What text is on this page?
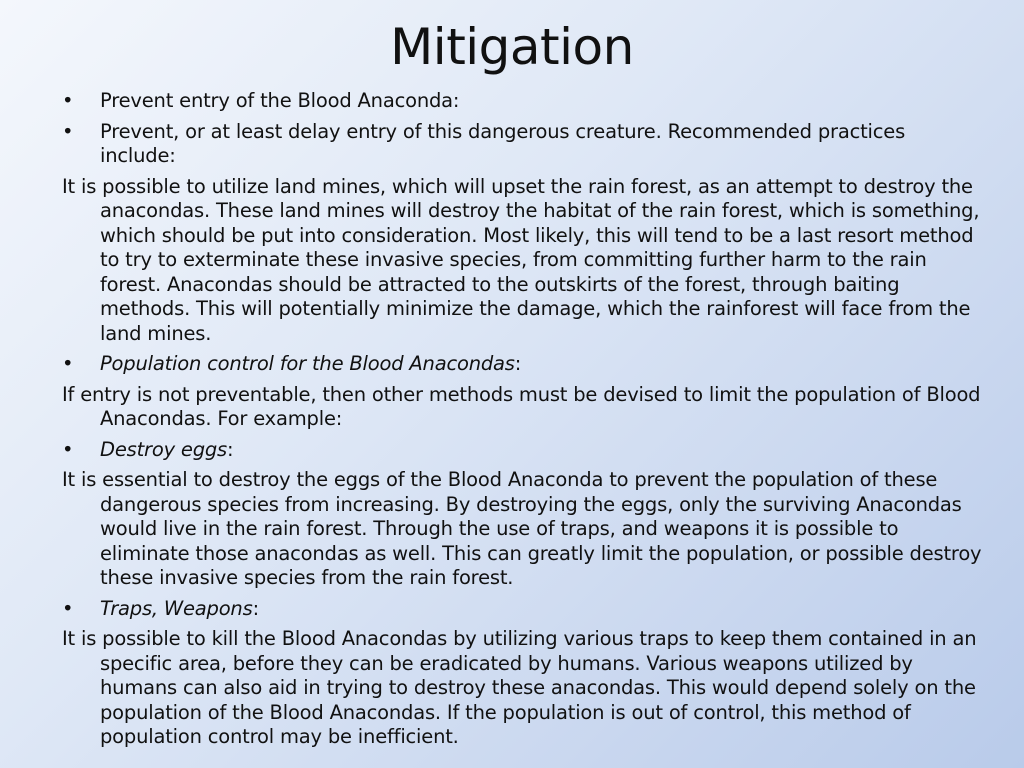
Mitigation
• Prevent entry of the Blood Anaconda:
• Prevent, or at least delay entry of this dangerous creature. Recommended practices include:
It is possible to utilize land mines, which will upset the rain forest, as an attempt to destroy the anacondas. These land mines will destroy the habitat of the rain forest, which is something, which should be put into consideration. Most likely, this will tend to be a last resort method to try to exterminate these invasive species, from committing further harm to the rain forest. Anacondas should be attracted to the outskirts of the forest, through baiting methods. This will potentially minimize the damage, which the rainforest will face from the land mines.
• Population control for the Blood Anacondas:
If entry is not preventable, then other methods must be devised to limit the population of Blood Anacondas. For example:
• Destroy eggs:
It is essential to destroy the eggs of the Blood Anaconda to prevent the population of these dangerous species from increasing. By destroying the eggs, only the surviving Anacondas would live in the rain forest. Through the use of traps, and weapons it is possible to eliminate those anacondas as well. This can greatly limit the population, or possible destroy these invasive species from the rain forest.
• Traps, Weapons:
It is possible to kill the Blood Anacondas by utilizing various traps to keep them contained in an specific area, before they can be eradicated by humans. Various weapons utilized by humans can also aid in trying to destroy these anacondas. This would depend solely on the population of the Blood Anacondas. If the population is out of control, this method of population control may be inefficient.
